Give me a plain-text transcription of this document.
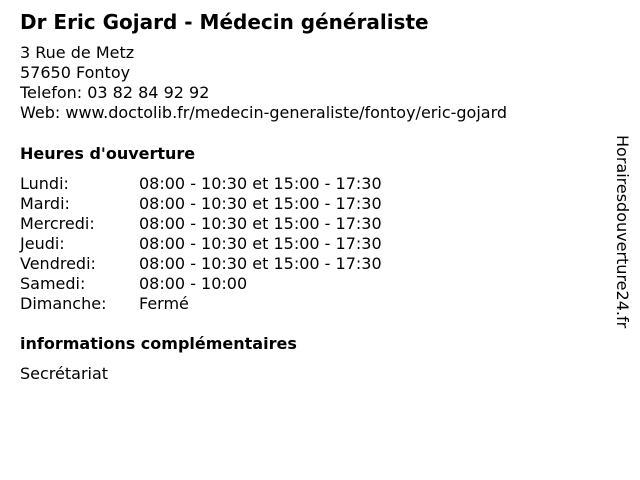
Dr Eric Gojard - Médecin généraliste
3 Rue de Metz
57650 Fontoy
Telefon: 03 82 84 92 92
Web: www.doctolib.fr/medecin-generaliste/fontoy/eric-gojard
Heures d'ouverture
Lundi:	08:00 - 10:30 et 15:00 - 17:30
Mardi:	08:00 - 10:30 et 15:00 - 17:30
Mercredi:	08:00 - 10:30 et 15:00 - 17:30
Jeudi:	08:00 - 10:30 et 15:00 - 17:30
Vendredi:	08:00 - 10:30 et 15:00 - 17:30
Samedi:	08:00 - 10:00
Dimanche: Fermé
informations complémentaires
Secrétariat
Horairesdouverture24.fr
